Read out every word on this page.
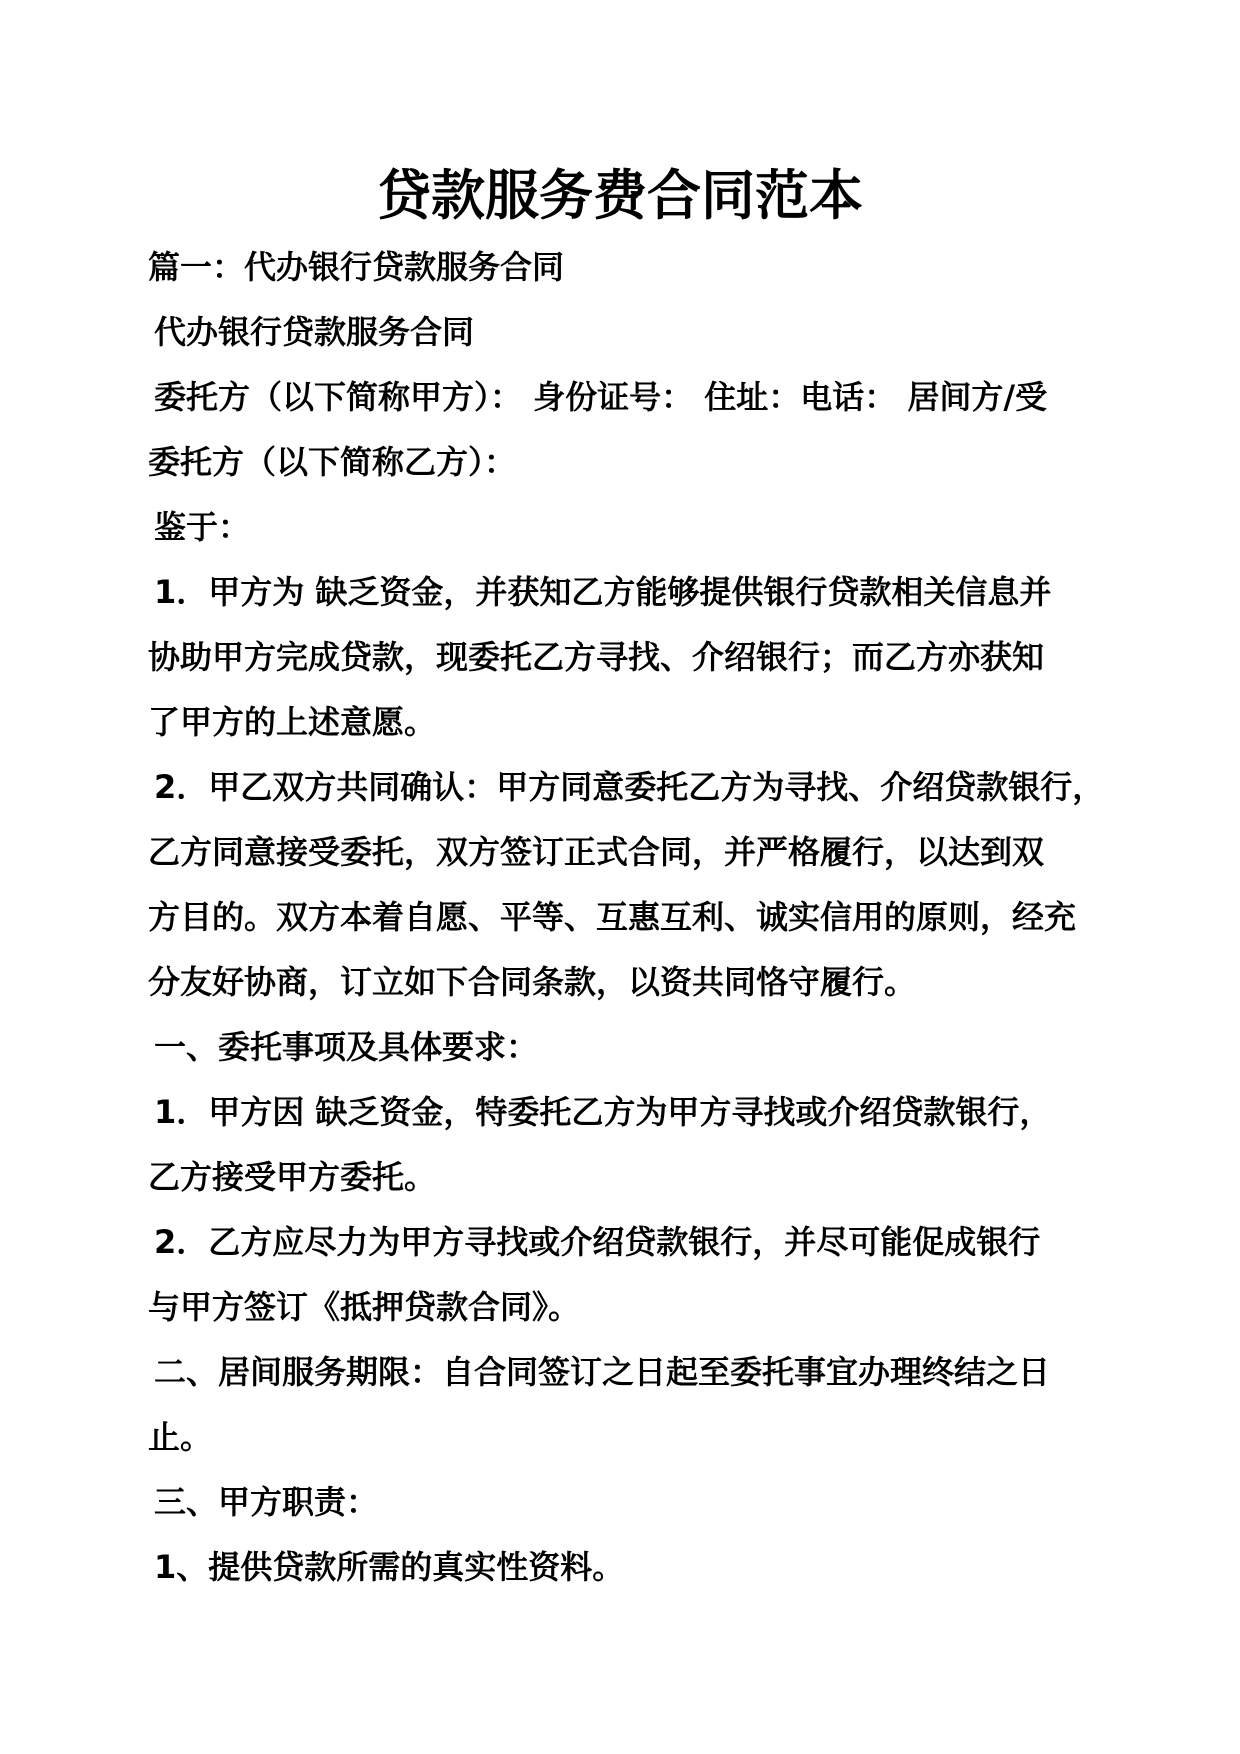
贷款服务费合同范本

篇一：代办银行贷款服务合同

代办银行贷款服务合同

委托方（以下简称甲方）： 身份证号： 住址：电话： 居间方/受

委托方（以下简称乙方）：

鉴于：

1．甲方为 缺乏资金，并获知乙方能够提供银行贷款相关信息并

协助甲方完成贷款，现委托乙方寻找、介绍银行；而乙方亦获知

了甲方的上述意愿。

2．甲乙双方共同确认：甲方同意委托乙方为寻找、介绍贷款银行，

乙方同意接受委托，双方签订正式合同，并严格履行，以达到双

方目的。双方本着自愿、平等、互惠互利、诚实信用的原则，经充

分友好协商，订立如下合同条款，以资共同恪守履行。

一、委托事项及具体要求：

1．甲方因 缺乏资金，特委托乙方为甲方寻找或介绍贷款银行，

乙方接受甲方委托。

2．乙方应尽力为甲方寻找或介绍贷款银行，并尽可能促成银行

与甲方签订《抵押贷款合同》。

二、居间服务期限：自合同签订之日起至委托事宜办理终结之日

止。

三、甲方职责：

1、提供贷款所需的真实性资料。
